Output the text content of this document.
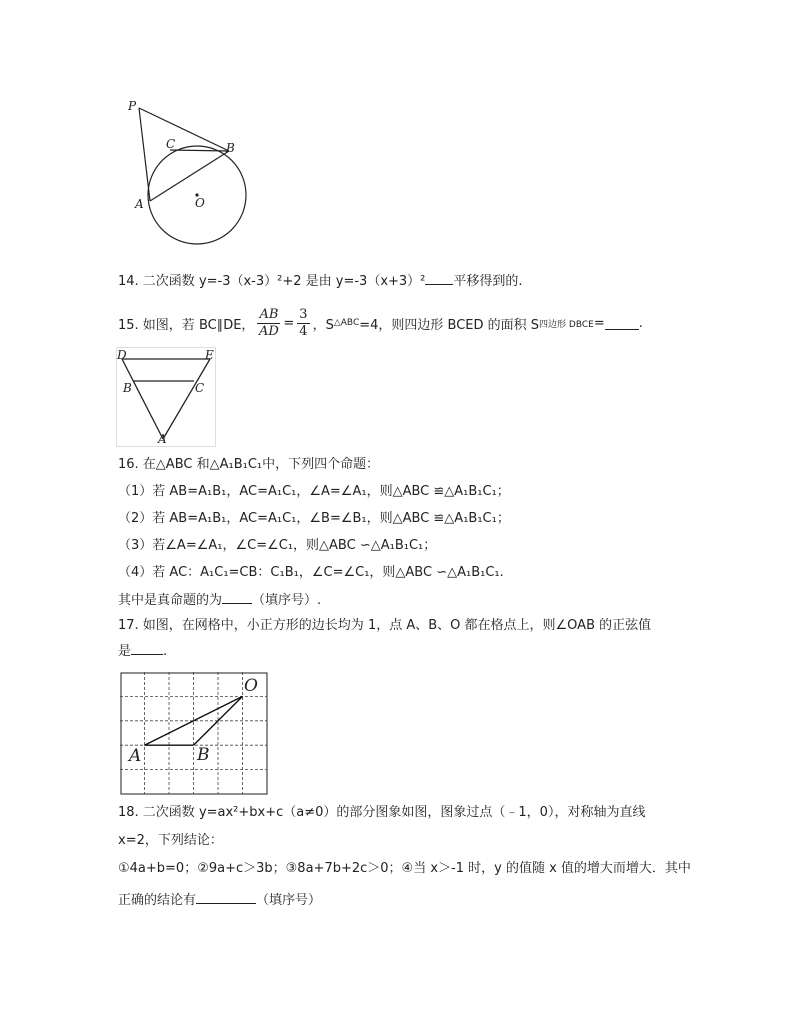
P
C	B
A	O
14. 二次函数 y=-3（x-3）²+2 是由 y=-3（x+3）² 平移得到的.
15. 如图，若 BC∥DE， $\frac{AB}{AD} = \frac{3}{4}$ ，S △ABC =4，则四边形 BCED 的面积 S 四边形 DBCE =	.
D	E
B	C
A
16. 在△ABC 和△A₁B₁C₁中，下列四个命题：
（1）若 AB=A₁B₁，AC=A₁C₁，∠A=∠A₁，则△ABC ≌△A₁B₁C₁；
（2）若 AB=A₁B₁，AC=A₁C₁，∠B=∠B₁，则△ABC ≌△A₁B₁C₁；
（3）若∠A=∠A₁，∠C=∠C₁，则△ABC ∽△A₁B₁C₁；
（4）若 AC：A₁C₁=CB：C₁B₁，∠C=∠C₁，则△ABC ∽△A₁B₁C₁.
其中是真命题的为 （填序号）.
17. 如图，在网格中，小正方形的边长均为 1，点 A、B、O 都在格点上，则∠OAB 的正弦值
是 .
O
A	B
18. 二次函数 y=ax²+bx+c（a≠0）的部分图象如图，图象过点（﹣1，0），对称轴为直线
x=2，下列结论：
①4a+b=0；②9a+c＞3b；③8a+7b+2c＞0；④当 x＞-1 时，y 的值随 x 值的增大而增大．其中
正确的结论有	（填序号）
